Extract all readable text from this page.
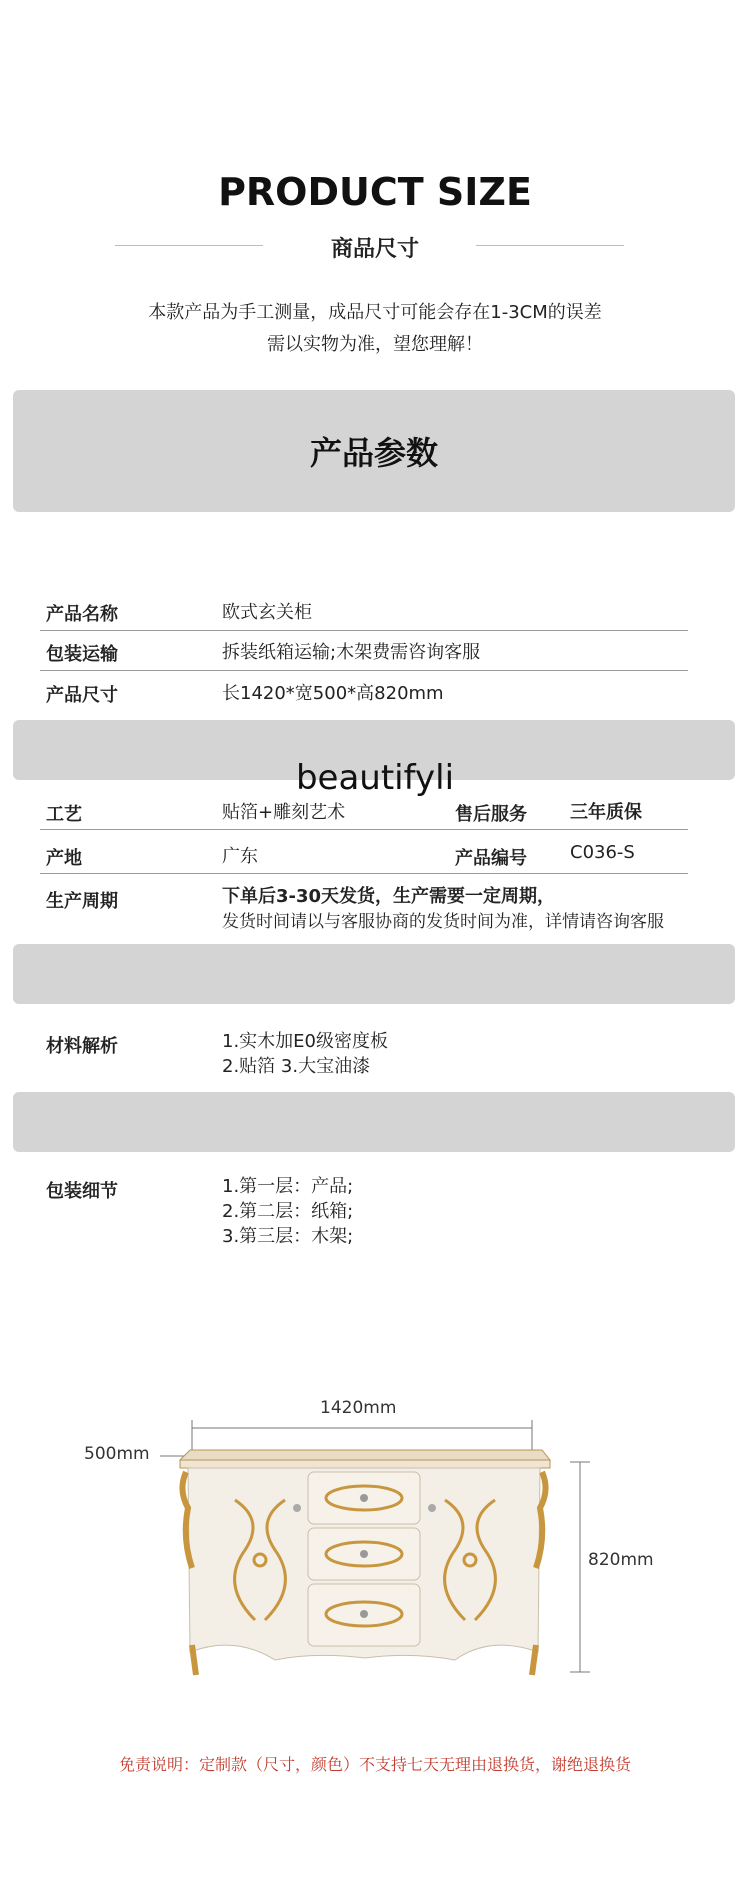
PRODUCT SIZE
商品尺寸
本款产品为手工测量，成品尺寸可能会存在1-3CM的误差
需以实物为准，望您理解！
产品参数
产品名称	欧式玄关柜
包装运输	拆装纸箱运输;木架费需咨询客服
产品尺寸	长1420*宽500*高820mm
beautifyli
工艺	贴箔+雕刻艺术	售后服务 三年质保
产地	广东	产品编号 C036-S
生产周期	下单后3-30天发货，生产需要一定周期，
发货时间请以与客服协商的发货时间为准，详情请咨询客服
材料解析	1.实木加E0级密度板
2.贴箔 3.大宝油漆
包装细节	1.第一层：产品;
2.第二层：纸箱;
3.第三层：木架;
1420mm
500mm
820mm
免责说明：定制款（尺寸，颜色）不支持七天无理由退换货，谢绝退换货
